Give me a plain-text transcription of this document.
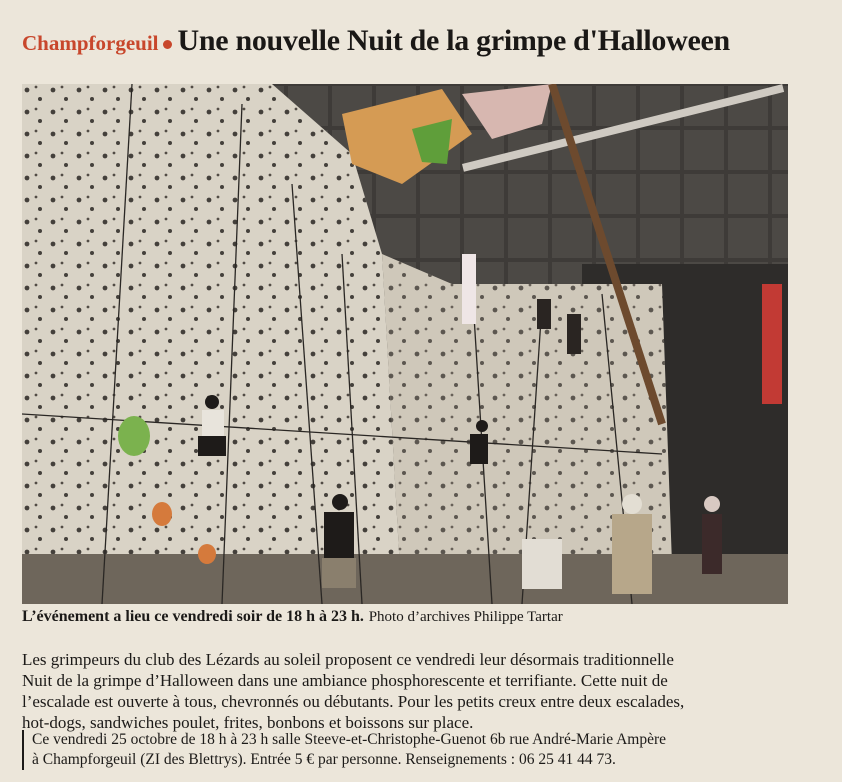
Champforgeuil Une nouvelle Nuit de la grimpe d'Halloween
L’événement a lieu ce vendredi soir de 18 h à 23 h. Photo d’archives Philippe Tartar

Les grimpeurs du club des Lézards au soleil proposent ce vendredi leur désormais traditionnelle

Nuit de la grimpe d’Halloween dans une ambiance phosphorescente et terrifiante. Cette nuit de

l’escalade est ouverte à tous, chevronnés ou débutants. Pour les petits creux entre deux escalades,

hot-dogs, sandwiches poulet, frites, bonbons et boissons sur place.

Ce vendredi 25 octobre de 18 h à 23 h salle Steeve-et-Christophe-Guenot 6b rue André-Marie Ampère

à Champforgeuil (ZI des Blettrys). Entrée 5 € par personne. Renseignements : 06 25 41 44 73.
